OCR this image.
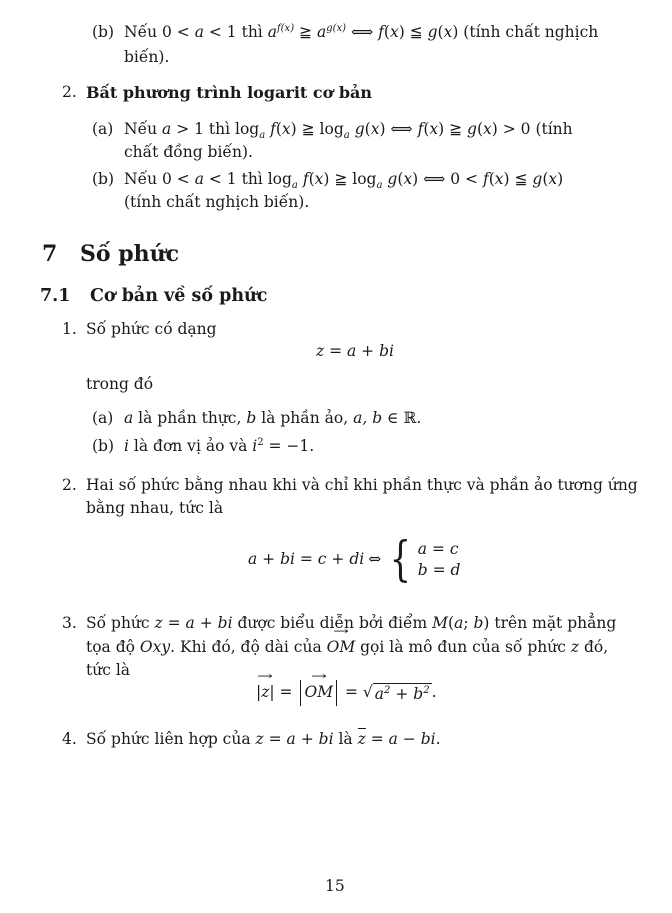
(b) Nếu 0 < a < 1 thì $a^{f(x)}$ ≧ $a^{g(x)}$ ⟺ f(x) ≦ g(x) (tính chất nghịch
biến).
2. Bất phương trình logarit cơ bản
(a) Nếu a > 1 thì $\log_a f(x)$ ≧ $\log_a g(x)$ ⟺ f(x) ≧ g(x) > 0 (tính
chất đồng biến).
(b) Nếu 0 < a < 1 thì $\log_a f(x)$ ≧ $\log_a g(x)$ ⟺ 0 < f(x) ≦ g(x)
(tính chất nghịch biến).
7 Số phức
7.1 Cơ bản về số phức
1. Số phức có dạng
z = a + bi
trong đó
(a) a là phần thực, b là phần ảo, a, b ∈ ℝ.
(b) i là đơn vị ảo và $i^2 = -1$.
2. Hai số phức bằng nhau khi và chỉ khi phần thực và phần ảo tương ứng
bằng nhau, tức là
a + bi = c + di ⇔ { a = c
b = d
3. Số phức z = a + bi được biểu diễn bởi điểm M(a; b) trên mặt phẳng
tọa độ Oxy. Khi đó, độ dài của → OM gọi là mô đun của số phức z đó,
tức là
|→ z| = → OM = √ $a^2 + b^2$ .
4. Số phức liên hợp của z = a + bi là z = a − bi.
15
